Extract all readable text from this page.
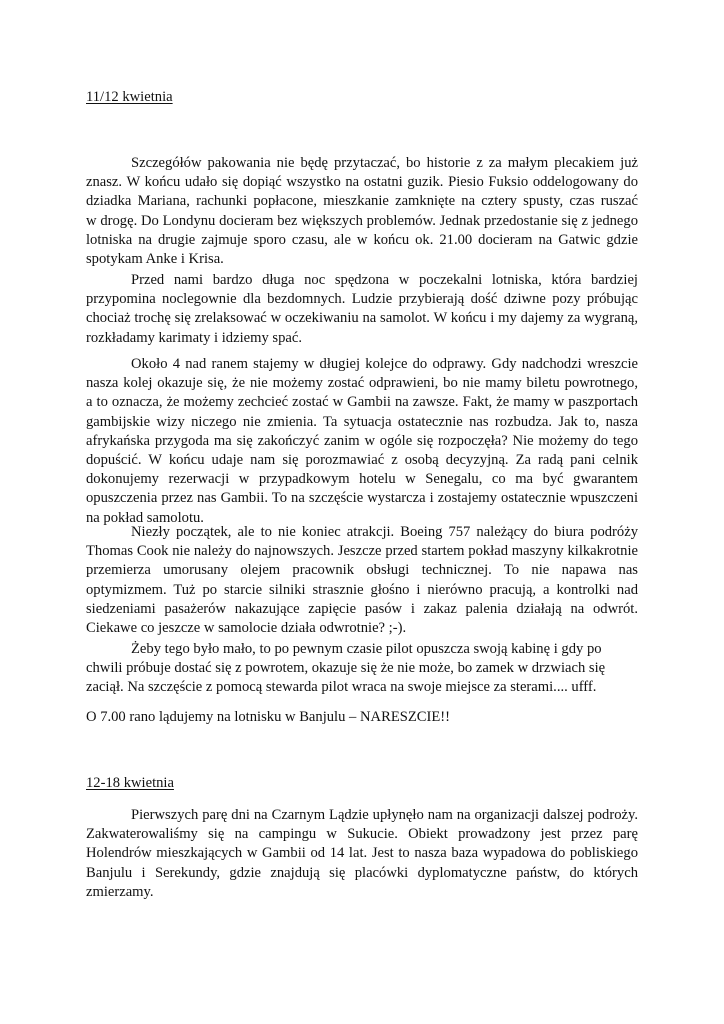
11/12 kwietnia
Szczegółów pakowania nie będę przytaczać, bo historie z za małym plecakiem już
znasz. W końcu udało się dopiąć wszystko na ostatni guzik. Piesio Fuksio oddelogowany do
dziadka Mariana, rachunki popłacone, mieszkanie zamknięte na cztery spusty, czas ruszać
w drogę. Do Londynu docieram bez większych problemów. Jednak przedostanie się z jednego
lotniska na drugie zajmuje sporo czasu, ale w końcu ok. 21.00 docieram na Gatwic gdzie
spotykam Anke i Krisa.
Przed nami bardzo długa noc spędzona w poczekalni lotniska, która bardziej
przypomina noclegownie dla bezdomnych. Ludzie przybierają dość dziwne pozy próbując
chociaż trochę się zrelaksować w oczekiwaniu na samolot. W końcu i my dajemy za wygraną,
rozkładamy karimaty i idziemy spać.
Około 4 nad ranem stajemy w długiej kolejce do odprawy. Gdy nadchodzi wreszcie
nasza kolej okazuje się, że nie możemy zostać odprawieni, bo nie mamy biletu powrotnego,
a to oznacza, że możemy zechcieć zostać w Gambii na zawsze. Fakt, że mamy w paszportach
gambijskie wizy niczego nie zmienia. Ta sytuacja ostatecznie nas rozbudza. Jak to, nasza
afrykańska przygoda ma się zakończyć zanim w ogóle się rozpoczęła? Nie możemy do tego
dopuścić. W końcu udaje nam się porozmawiać z osobą decyzyjną. Za radą pani celnik
dokonujemy rezerwacji w przypadkowym hotelu w Senegalu, co ma być gwarantem
opuszczenia przez nas Gambii. To na szczęście wystarcza i zostajemy ostatecznie wpuszczeni
na pokład samolotu.
Niezły początek, ale to nie koniec atrakcji. Boeing 757 należący do biura podróży
Thomas Cook nie należy do najnowszych. Jeszcze przed startem pokład maszyny kilkakrotnie
przemierza umorusany olejem pracownik obsługi technicznej. To nie napawa nas
optymizmem. Tuż po starcie silniki strasznie głośno i nierówno pracują, a kontrolki nad
siedzeniami pasażerów nakazujące zapięcie pasów i zakaz palenia działają na odwrót.
Ciekawe co jeszcze w samolocie działa odwrotnie? ;-).
Żeby tego było mało, to po pewnym czasie pilot opuszcza swoją kabinę i gdy po
chwili próbuje dostać się z powrotem, okazuje się że nie może, bo zamek w drzwiach się
zaciął. Na szczęście z pomocą stewarda pilot wraca na swoje miejsce za sterami.... ufff.
O 7.00 rano lądujemy na lotnisku w Banjulu – NARESZCIE!!
12-18 kwietnia
Pierwszych parę dni na Czarnym Lądzie upłynęło nam na organizacji dalszej podroży.
Zakwaterowaliśmy się na campingu w Sukucie. Obiekt prowadzony jest przez parę
Holendrów mieszkających w Gambii od 14 lat. Jest to nasza baza wypadowa do pobliskiego
Banjulu i Serekundy, gdzie znajdują się placówki dyplomatyczne państw, do których
zmierzamy.
